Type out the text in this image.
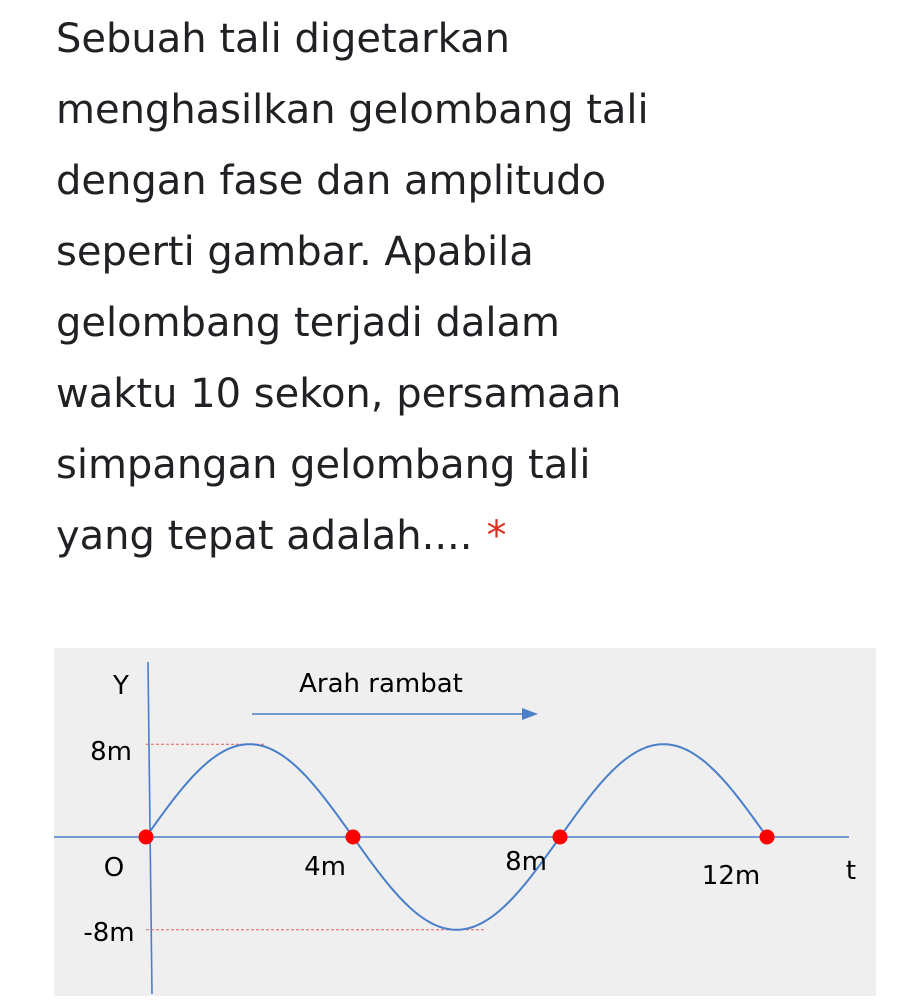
Sebuah tali digetarkan
menghasilkan gelombang tali
dengan fase dan amplitudo
seperti gambar. Apabila
gelombang terjadi dalam
waktu 10 sekon, persamaan
simpangan gelombang tali
yang tepat adalah.... *
Y	Arah rambat
8m
O	4m	8m	12m	t
-8m
